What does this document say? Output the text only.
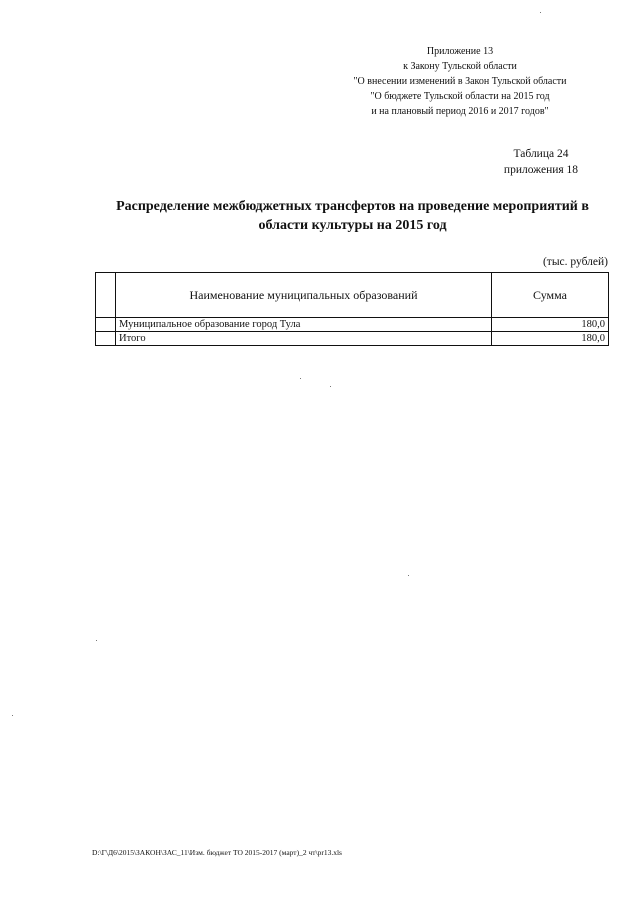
Приложение 13
к Закону Тульской области
"О внесении изменений в Закон Тульской области
"О бюджете Тульской области на 2015 год
и на плановый период 2016 и 2017 годов"
Таблица 24
приложения 18
Распределение межбюджетных трансфертов на проведение мероприятий в
области культуры на 2015 год
(тыс. рублей)
	Наименование муниципальных образований	Сумма
	Муниципальное образование город Тула	180,0
	Итого	180,0
D:\Г\Д6\2015\ЗАКОН\ЗАС_11\Изм. бюджет ТО 2015-2017 (март)_2 чт\pr13.xls
